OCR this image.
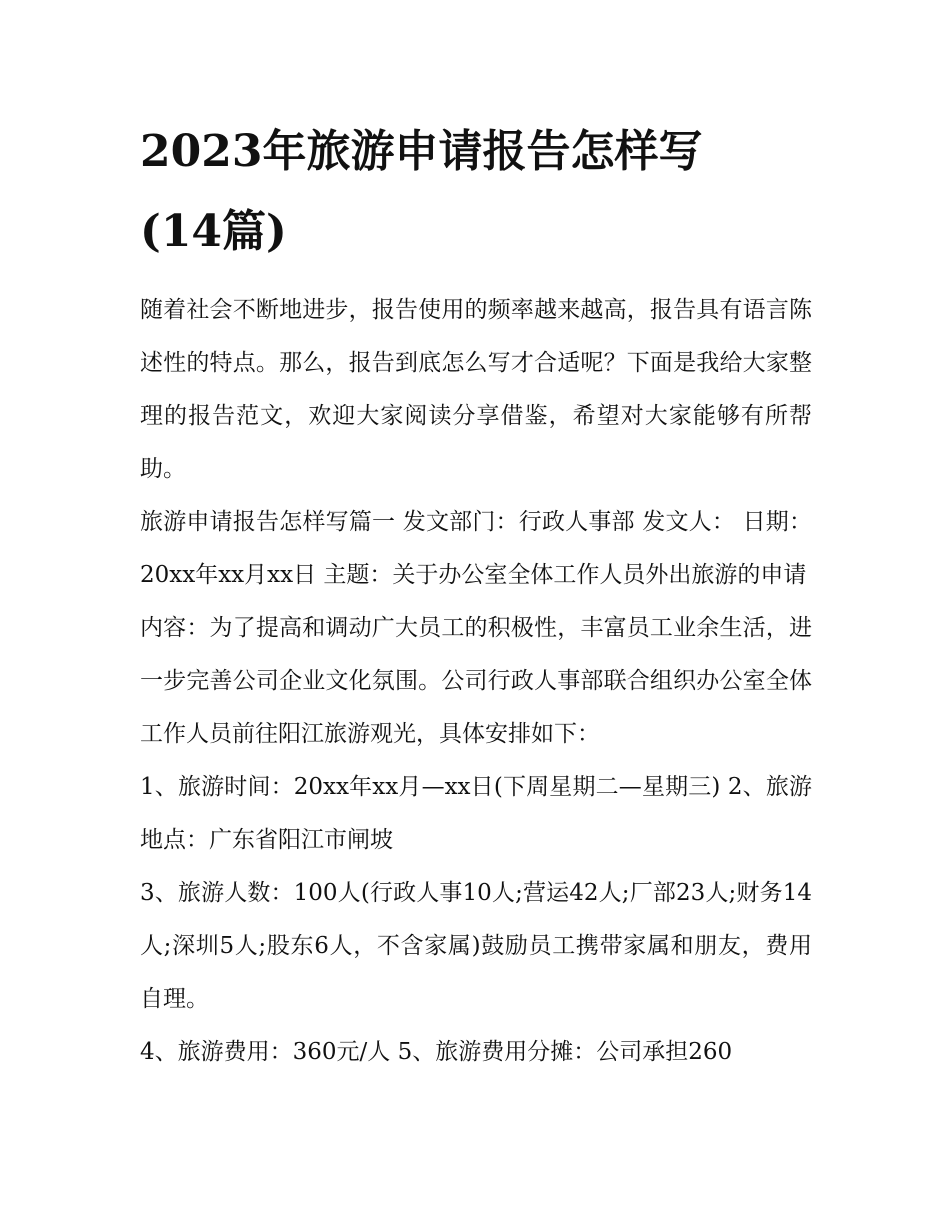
2023年旅游申请报告怎样写
(14篇)

随着社会不断地进步，报告使用的频率越来越高，报告具有语言陈述性的特点。那么，报告到底怎么写才合适呢？下面是我给大家整理的报告范文，欢迎大家阅读分享借鉴，希望对大家能够有所帮助。

旅游申请报告怎样写篇一 发文部门：行政人事部 发文人： 日期：20xx年xx月xx日 主题：关于办公室全体工作人员外出旅游的申请

内容：为了提高和调动广大员工的积极性，丰富员工业余生活，进一步完善公司企业文化氛围。公司行政人事部联合组织办公室全体工作人员前往阳江旅游观光，具体安排如下：

1、旅游时间：20xx年xx月—xx日(下周星期二—星期三) 2、旅游地点：广东省阳江市闸坡

3、旅游人数：100人(行政人事10人;营运42人;厂部23人;财务14人;深圳5人;股东6人，不含家属)鼓励员工携带家属和朋友，费用自理。

4、旅游费用：360元/人 5、旅游费用分摊：公司承担260
